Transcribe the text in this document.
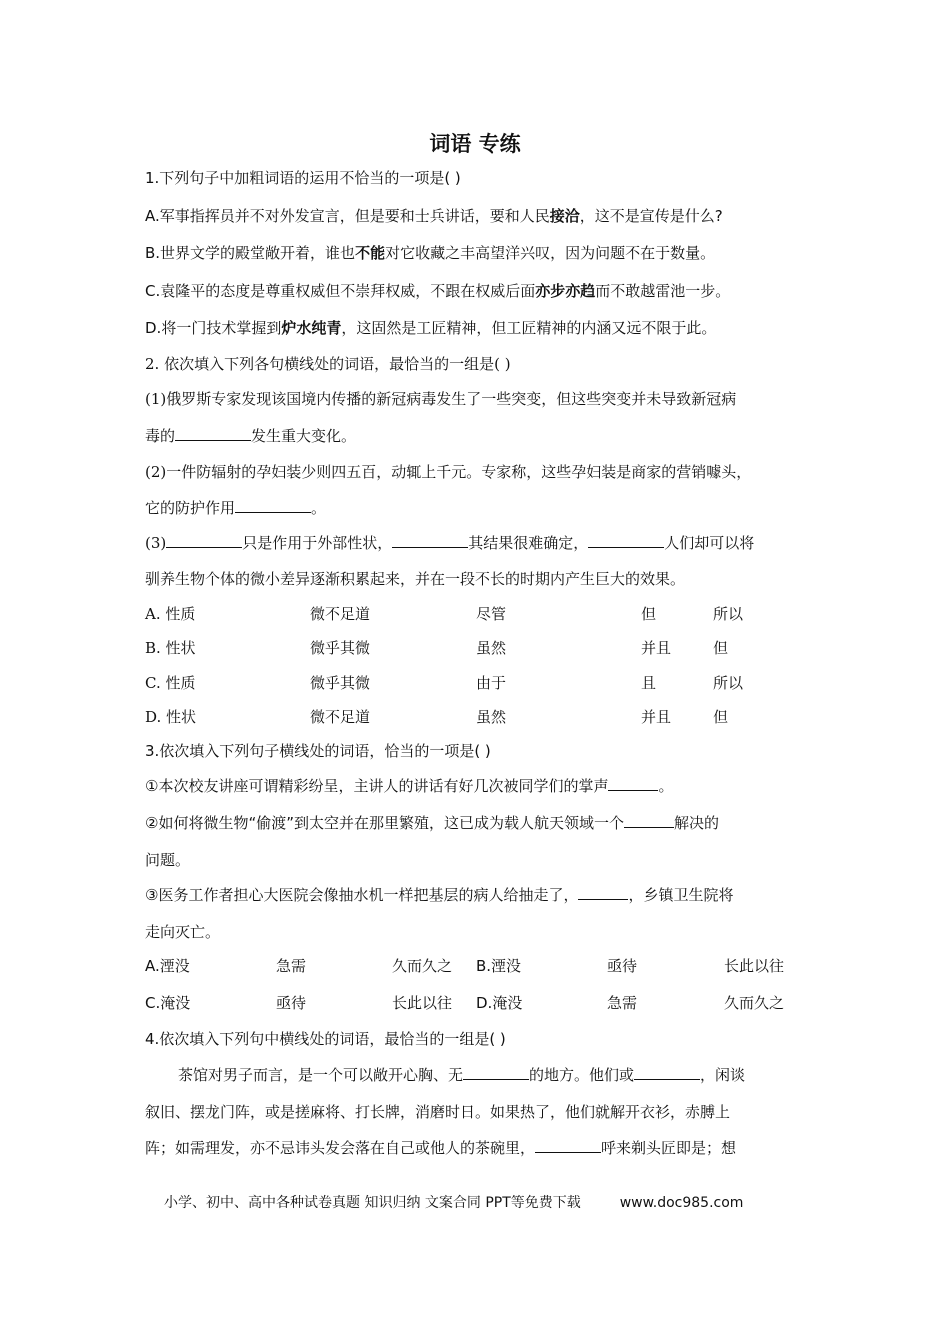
词语 专练
1.下列句子中加粗词语的运用不恰当的一项是( )
A.军事指挥员并不对外发宣言，但是要和士兵讲话，要和人民接洽，这不是宣传是什么?
B.世界文学的殿堂敞开着，谁也不能对它收藏之丰高望洋兴叹，因为问题不在于数量。
C.袁隆平的态度是尊重权威但不崇拜权威，不跟在权威后面亦步亦趋而不敢越雷池一步。
D.将一门技术掌握到炉水纯青，这固然是工匠精神，但工匠精神的内涵又远不限于此。
2. 依次填入下列各句横线处的词语，最恰当的一组是( )
(1)俄罗斯专家发现该国境内传播的新冠病毒发生了一些突变，但这些突变并未导致新冠病
毒的	发生重大变化。
(2)一件防辐射的孕妇装少则四五百，动辄上千元。专家称，这些孕妇装是商家的营销噱头，
它的防护作用	。
(3)	只是作用于外部性状，	其结果很难确定，	人们却可以将
驯养生物个体的微小差异逐渐积累起来，并在一段不长的时期内产生巨大的效果。
A. 性质	微不足道	尽管	但	所以
B. 性状	微乎其微	虽然	并且	但
C. 性质	微乎其微	由于	且	所以
D. 性状	微不足道	虽然	并且	但
3.依次填入下列句子横线处的词语，恰当的一项是( )
①本次校友讲座可谓精彩纷呈，主讲人的讲话有好几次被同学们的掌声	。
②如何将微生物“偷渡”到太空并在那里繁殖，这已成为载人航天领域一个	解决的
问题。
③医务工作者担心大医院会像抽水机一样把基层的病人给抽走了，	，乡镇卫生院将
走向灭亡。
A.湮没	急需	久而久之 B.湮没	亟待	长此以往
C.淹没	亟待	长此以往 D.淹没	急需	久而久之
4.依次填入下列句中横线处的词语，最恰当的一组是( )
茶馆对男子而言，是一个可以敞开心胸、无	的地方。他们或	，闲谈
叙旧、摆龙门阵，或是搓麻将、打长牌，消磨时日。如果热了，他们就解开衣衫，赤膊上
阵；如需理发，亦不忌讳头发会落在自己或他人的茶碗里，	呼来剃头匠即是；想
小学、初中、高中各种试卷真题 知识归纳 文案合同 PPT等免费下载	www.doc985.com
